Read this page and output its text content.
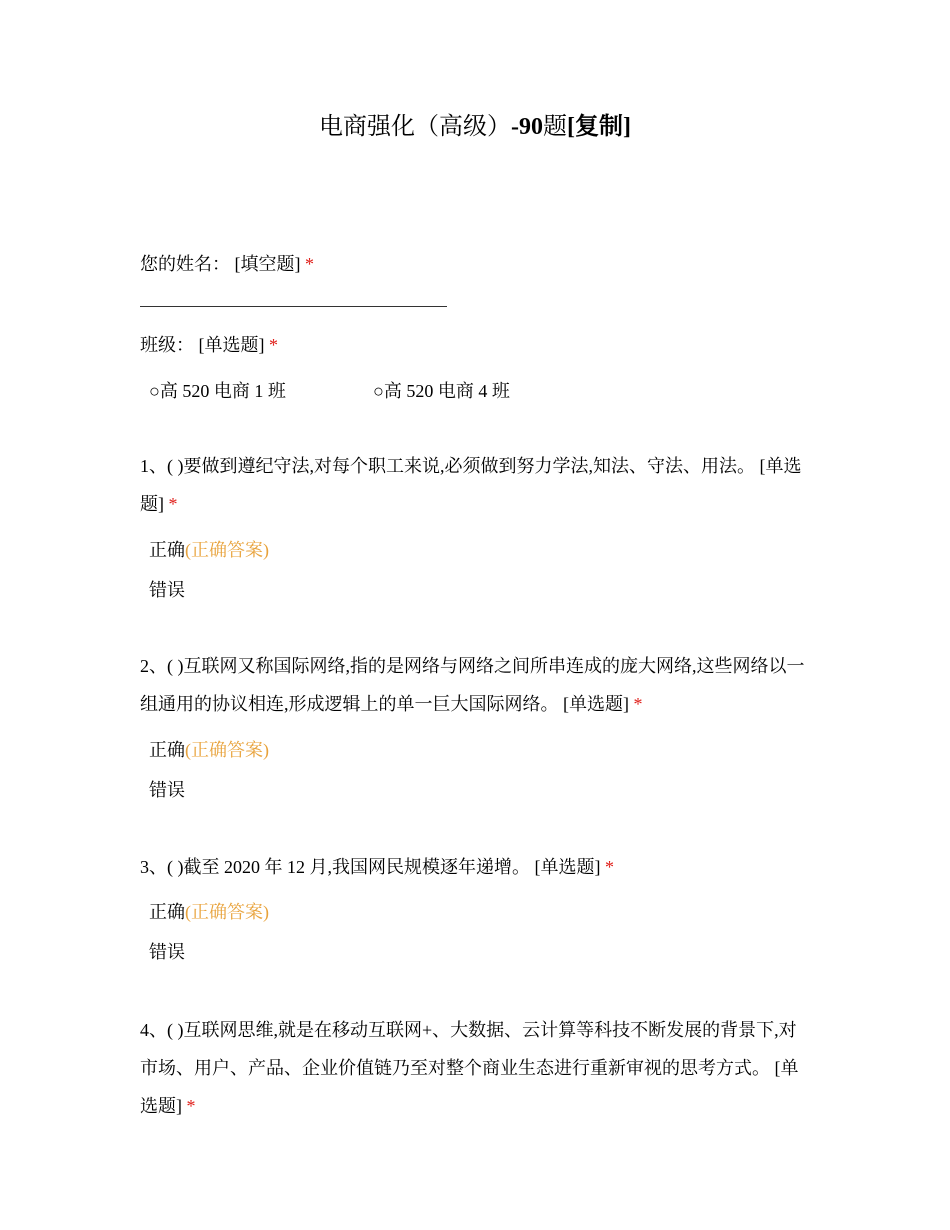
电商强化（高级）-90题[复制]
您的姓名： [填空题] *
班级： [单选题] *
○高 520 电商 1 班	○高 520 电商 4 班
1、( )要做到遵纪守法,对每个职工来说,必须做到努力学法,知法、守法、用法。 [单选题] *
正确(正确答案)
错误
2、( )互联网又称国际网络,指的是网络与网络之间所串连成的庞大网络,这些网络以一组通用的协议相连,形成逻辑上的单一巨大国际网络。 [单选题] *
正确(正确答案)
错误
3、( )截至 2020 年 12 月,我国网民规模逐年递增。 [单选题] *
正确(正确答案)
错误
4、( )互联网思维,就是在移动互联网+、大数据、云计算等科技不断发展的背景下,对市场、用户、产品、企业价值链乃至对整个商业生态进行重新审视的思考方式。 [单选题] *
